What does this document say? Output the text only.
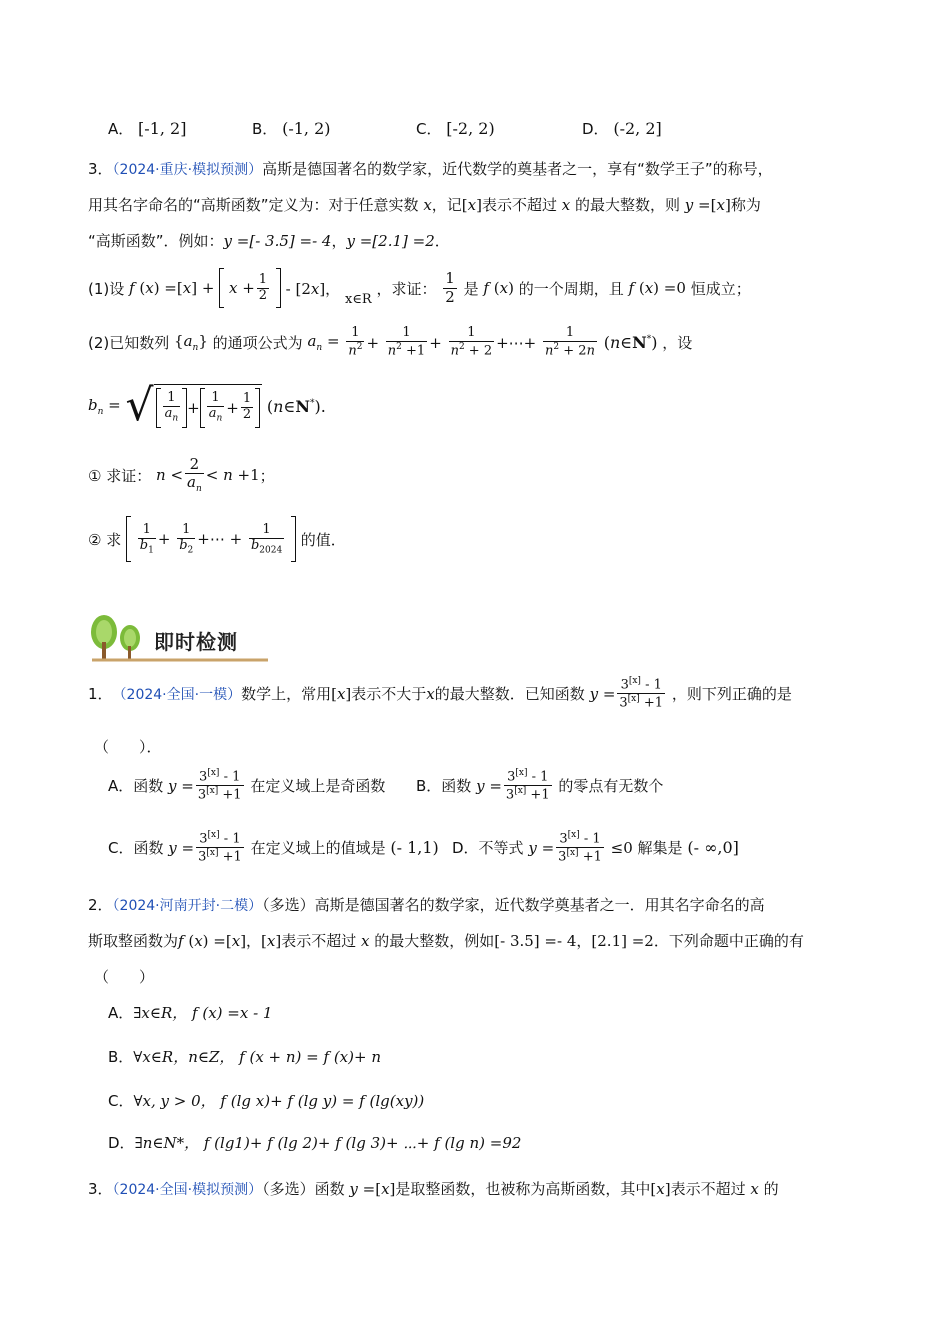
A． [-1, 2]	B． (-1, 2)	C． [-2, 2)	D． (-2, 2]
3．（2024·重庆·模拟预测）高斯是德国著名的数学家，近代数学的奠基者之一，享有“数学王子”的称号，
用其名字命名的“高斯函数”定义为：对于任意实数 x，记[x]表示不超过 x 的最大整数，则 y =[x]称为
“高斯函数”．例如：y =[- 3.5] =- 4，y =[2.1] =2．
(1)设 f $(x) =[x] + x + \frac{1}{2} - [2x]$， x∈R ，求证： $\frac{1}{2}$ 是 f (x) 的一个周期，且 f (x) =0 恒成立；
(2)已知数列 $\{a_n\}$ 的通项公式为 $a_n = \frac{1}{n^2} + \frac{1}{n^2 +1} + \frac{1}{n^2 + 2}$ +⋯+ $\frac{1}{n^2 + 2n}$ (n∈N*) ，设
$b_n$ = √ $\frac{1}{a_n} + \frac{1}{a_n} + \frac{1}{2}$ (n∈N*).
① 求证： $n < \frac{2}{a_n} < n +1$；
② 求 $\frac{1}{b_1} + \frac{1}{b_2}$ +⋯ + $\frac{1}{b_{2024}}$ 的值．
即时检测
1．（2024·全国·一模）数学上，常用[x]表示不大于x的最大整数．已知函数 $y = \frac{3^{[x]} - 1}{3^{[x]} +1}$ ，则下列正确的是
（　　）．
A．函数 $y = \frac{3^{[x]} - 1}{3^{[x]} +1}$ 在定义域上是奇函数 B．函数 $y = \frac{3^{[x]} - 1}{3^{[x]} +1}$ 的零点有无数个
C．函数 $y = \frac{3^{[x]} - 1}{3^{[x]} +1}$ 在定义域上的值域是 (- 1,1) D．不等式 $y = \frac{3^{[x]} - 1}{3^{[x]} +1} \le 0$ 解集是 (- ∞,0]
2．（2024·河南开封·二模）（多选）高斯是德国著名的数学家，近代数学奠基者之一．用其名字命名的高
斯取整函数为f (x) =[x]，[x]表示不超过 x 的最大整数，例如[- 3.5] =- 4，[2.1] =2．下列命题中正确的有
（　　）
A．∃x∈R， f (x) =x - 1
B．∀x∈R，n∈Z， f (x + n) = f (x)+ n
C．∀x, y > 0， f (lg x)+ f (lg y) = f (lg(xy))
D．∃n∈N*， f (lg1)+ f (lg 2)+ f (lg 3)+ ⋯+ f (lg n) =92
3．（2024·全国·模拟预测）（多选）函数 y =[x]是取整函数，也被称为高斯函数，其中[x]表示不超过 x 的
